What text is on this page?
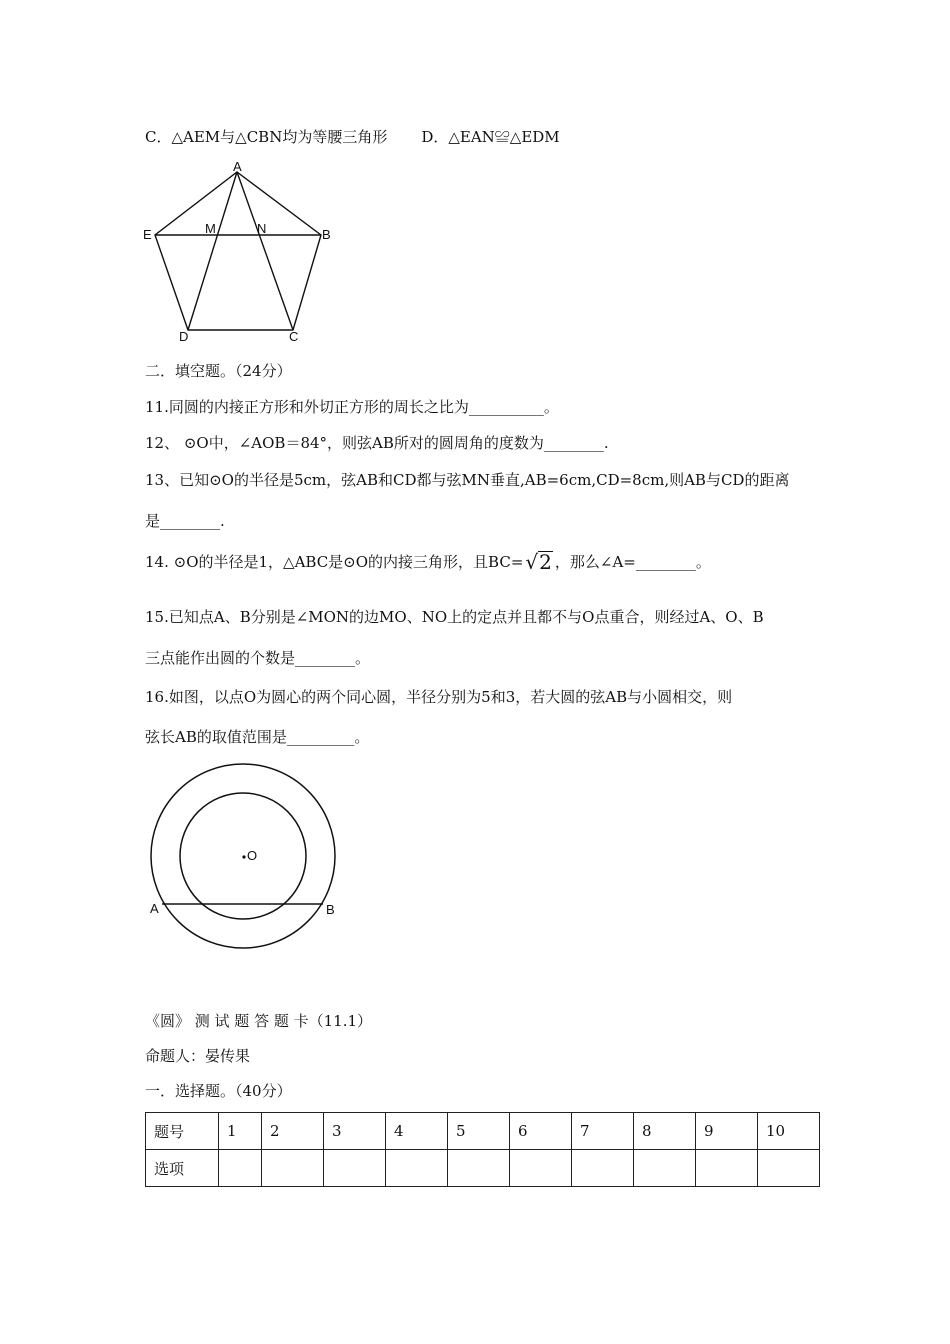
C．△AEM与△CBN均为等腰三角形 D．△EAN≌△EDM
A
E	M	N	B
D	C
二．填空题。（24分）
11.同圆的内接正方形和外切正方形的周长之比为__________。
12、 ⊙O中，∠AOB＝84°，则弦AB所对的圆周角的度数为________.
13、已知⊙O的半径是5cm，弦AB和CD都与弦MN垂直,AB=6cm,CD=8cm,则AB与CD的距离
是________.
14. ⊙O的半径是1，△ABC是⊙O的内接三角形，且BC= √2 ，那么∠A=________。
15.已知点A、B分别是∠MON的边MO、NO上的定点并且都不与O点重合，则经过A、O、B
三点能作出圆的个数是________。
16.如图，以点O为圆心的两个同心圆，半径分别为5和3，若大圆的弦AB与小圆相交，则
弦长AB的取值范围是_________。
O
A	B
《圆》 测 试 题 答 题 卡（11.1）
命题人：晏传果
一．选择题。（40分）
题号	1	2	3	4	5	6	7	8	9	10
选项										
